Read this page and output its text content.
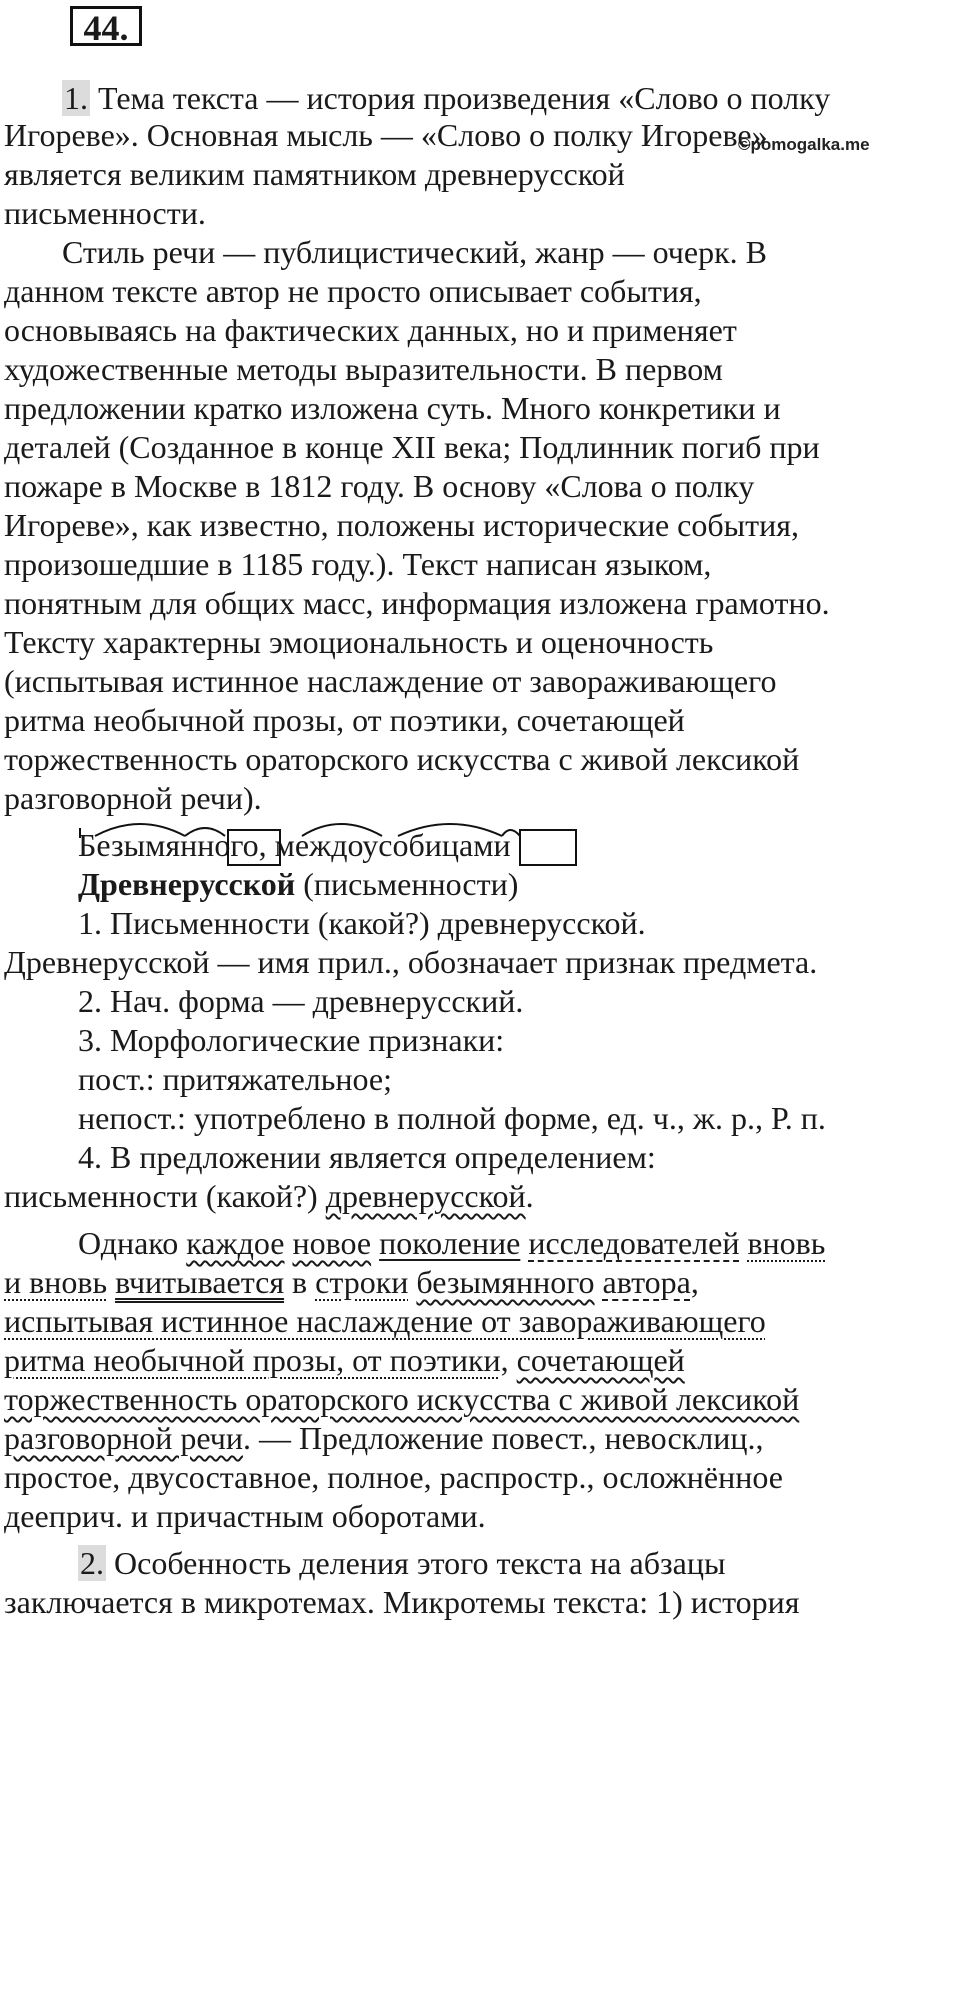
44.
©pomogalka.me
1. Тема текста — история произведения «Слово о полку
Игореве». Основная мысль — «Слово о полку Игореве»
является великим памятником древнерусской
письменности.
Стиль речи — публицистический, жанр — очерк. В
данном тексте автор не просто описывает события,
основываясь на фактических данных, но и применяет
художественные методы выразительности. В первом
предложении кратко изложена суть. Много конкретики и
деталей (Созданное в конце XII века; Подлинник погиб при
пожаре в Москве в 1812 году. В основу «Слова о полку
Игореве», как известно, положены исторические события,
произошедшие в 1185 году.). Текст написан языком,
понятным для общих масс, информация изложена грамотно.
Тексту характерны эмоциональность и оценочность
(испытывая истинное наслаждение от завораживающего
ритма необычной прозы, от поэтики, сочетающей
торжественность ораторского искусства с живой лексикой
разговорной речи).
Безымянного, междоусобицами
Древнерусской (письменности)
1. Письменности (какой?) древнерусской.
Древнерусской — имя прил., обозначает признак предмета.
2. Нач. форма — древнерусский.
3. Морфологические признаки:
пост.: притяжательное;
непост.: употреблено в полной форме, ед. ч., ж. р., Р. п.
4. В предложении является определением:
письменности (какой?) древнерусской.
Однако каждое новое поколение исследователей вновь
и вновь вчитывается в строки безымянного автора,
испытывая истинное наслаждение от завораживающего
ритма необычной прозы, от поэтики, сочетающей
торжественность ораторского искусства с живой лексикой
разговорной речи. — Предложение повест., невосклиц.,
простое, двусоставное, полное, распростр., осложнённое
дееприч. и причастным оборотами.
2. Особенность деления этого текста на абзацы
заключается в микротемах. Микротемы текста: 1) история
